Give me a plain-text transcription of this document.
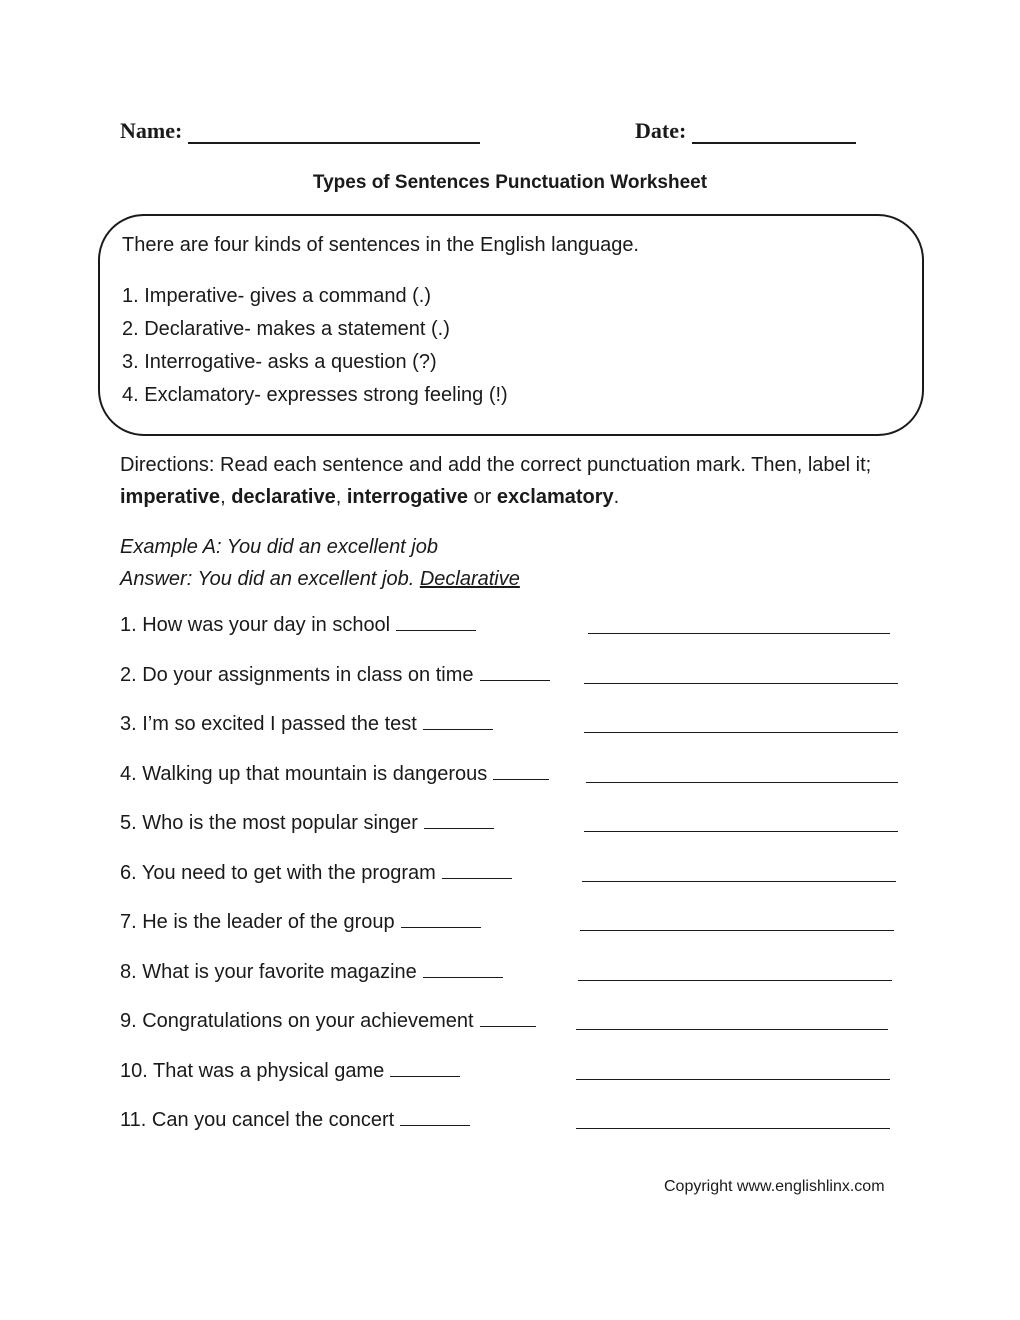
Name:	Date:
Types of Sentences Punctuation Worksheet
There are four kinds of sentences in the English language.
1. Imperative- gives a command (.)
2. Declarative- makes a statement (.)
3. Interrogative- asks a question (?)
4. Exclamatory- expresses strong feeling (!)
Directions: Read each sentence and add the correct punctuation mark. Then, label it; imperative, declarative, interrogative or exclamatory.
Example A: You did an excellent job
Answer: You did an excellent job. Declarative
1. How was your day in school
2. Do your assignments in class on time
3. I’m so excited I passed the test
4. Walking up that mountain is dangerous
5. Who is the most popular singer
6. You need to get with the program
7. He is the leader of the group
8. What is your favorite magazine
9. Congratulations on your achievement
10. That was a physical game
11. Can you cancel the concert
Copyright www.englishlinx.com
